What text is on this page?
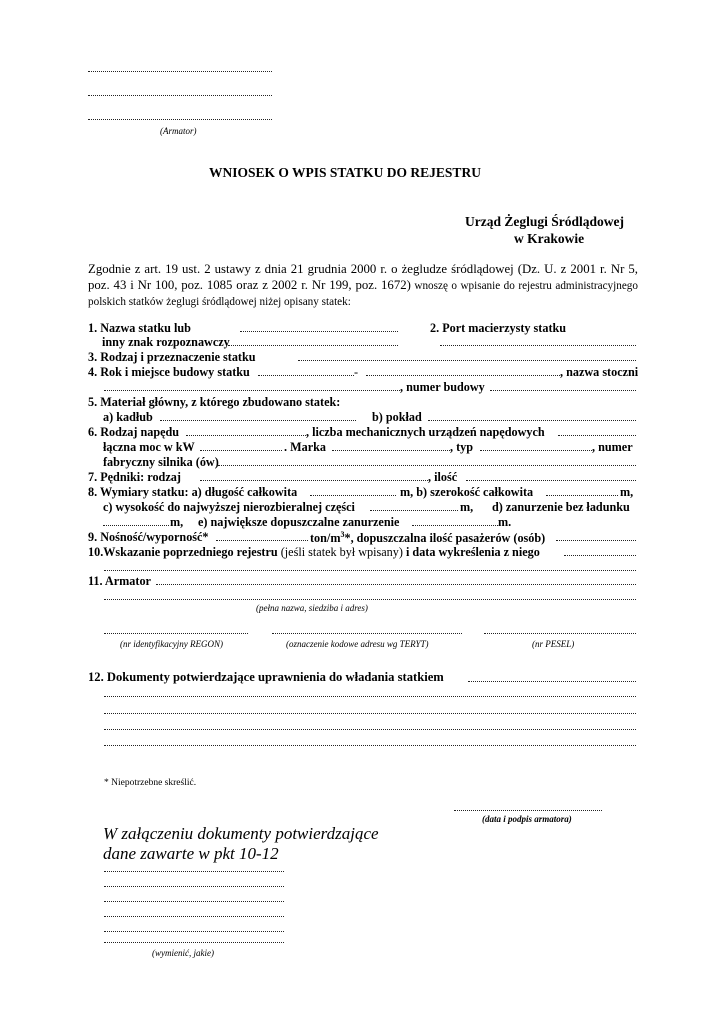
(Armator)
WNIOSEK O WPIS STATKU DO REJESTRU
Urząd Żeglugi Śródlądowej
w Krakowie
Zgodnie z art. 19 ust. 2 ustawy z dnia 21 grudnia 2000 r. o żegludze śródlądowej (Dz. U. z 2001 r. Nr 5, poz. 43 i Nr 100, poz. 1085 oraz z 2002 r. Nr 199, poz. 1672) wnoszę o wpisanie do rejestru administracyjnego polskich statków żeglugi śródlądowej niżej opisany statek:
1. Nazwa statku lub	2. Port macierzysty statku
inny znak rozpoznawczy
3. Rodzaj i przeznaczenie statku
4. Rok i miejsce budowy statku	-	, nazwa stoczni
, numer budowy
5. Materiał główny, z którego zbudowano statek:
a) kadłub	b) pokład
6. Rodzaj napędu	, liczba mechanicznych urządzeń napędowych
łączna moc w kW	. Marka	, typ	, numer
fabryczny silnika (ów)
7. Pędniki: rodzaj	, ilość
8. Wymiary statku: a) długość całkowita	m, b) szerokość całkowita	m,
c) wysokość do najwyższej nierozbieralnej części	m, d) zanurzenie bez ładunku
m, e) największe dopuszczalne zanurzenie	m.
9. Nośność/wyporność*	ton/$m^3*$, dopuszczalna ilość pasażerów (osób)
10.Wskazanie poprzedniego rejestru (jeśli statek był wpisany) i data wykreślenia z niego
11. Armator
(pełna nazwa, siedziba i adres)
(nr identyfikacyjny REGON)	(oznaczenie kodowe adresu wg TERYT)	(nr PESEL)
12. Dokumenty potwierdzające uprawnienia do władania statkiem
* Niepotrzebne skreślić.
(data i podpis armatora)
W załączeniu dokumenty potwierdzające
dane zawarte w pkt 10-12
(wymienić, jakie)
